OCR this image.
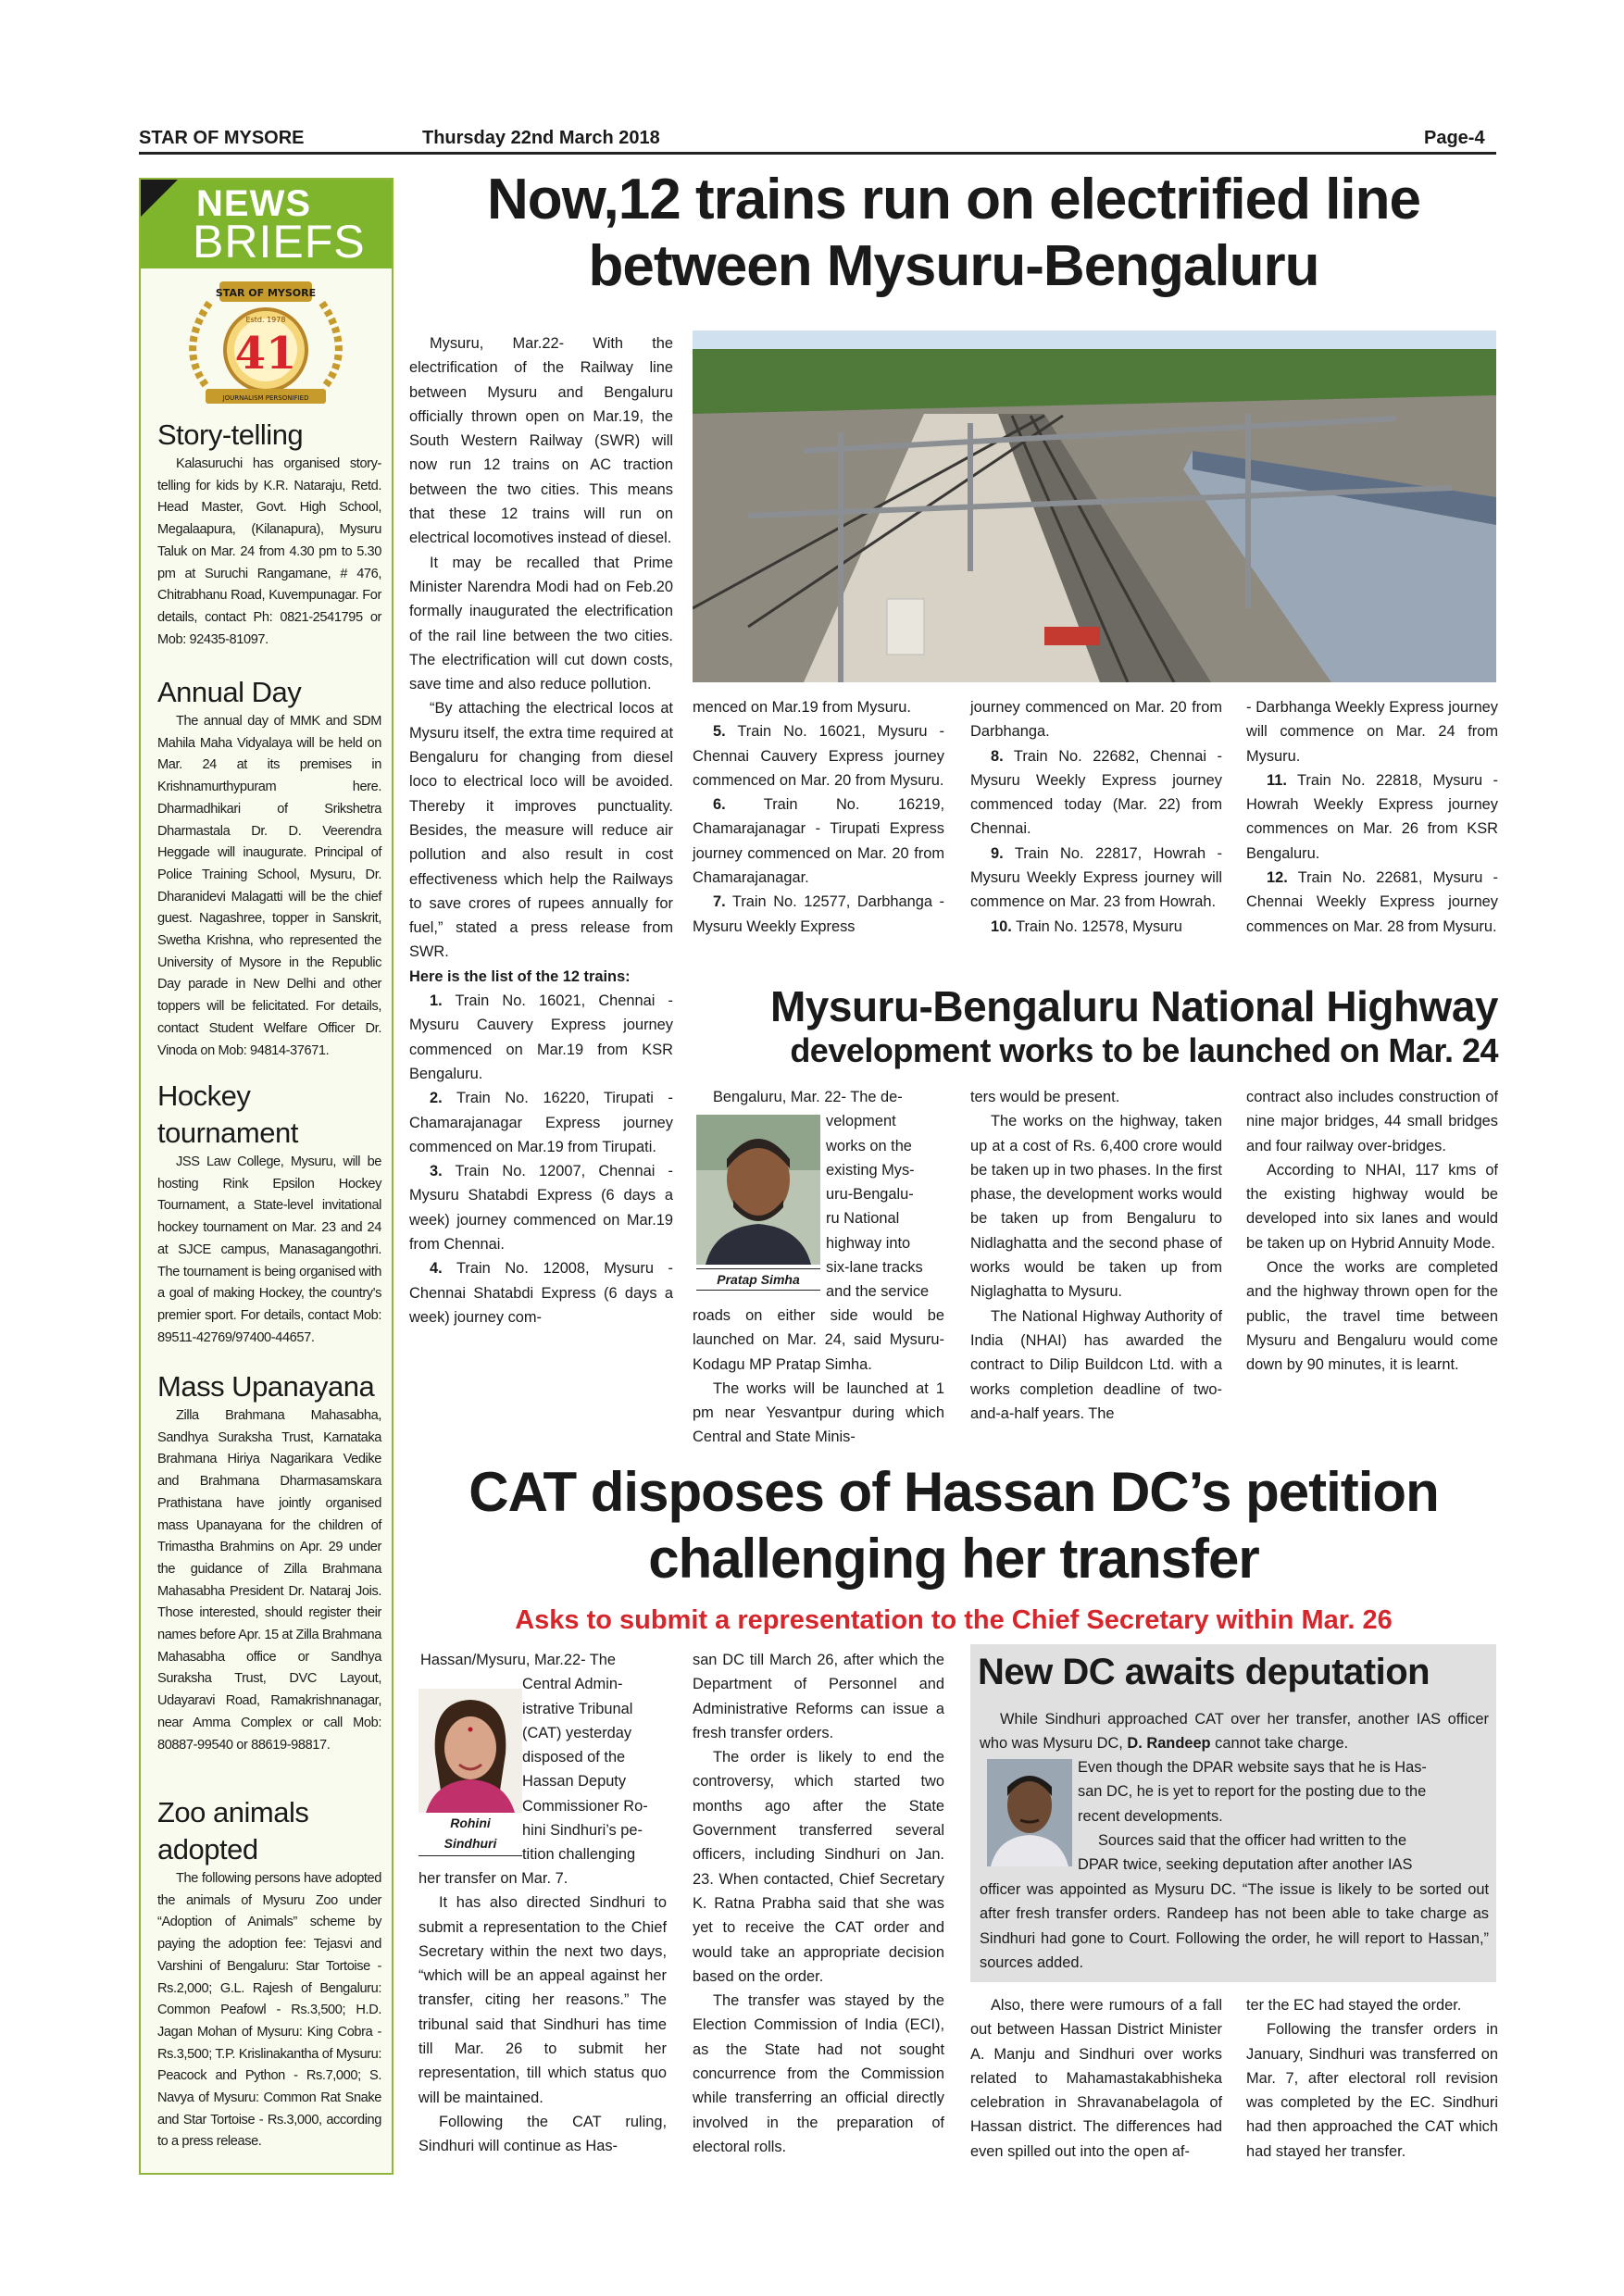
STAR OF MYSORE	Thursday 22nd March 2018	Page-4
NEWS
BRIEFS
STAR OF MYSORE
Estd. 1978
41
JOURNALISM PERSONIFIED
Story-telling

Kalasuruchi has organised story-telling for kids by K.R. Nataraju, Retd. Head Master, Govt. High School, Megalaapura, (Kilanapura), Mysuru Taluk on Mar. 24 from 4.30 pm to 5.30 pm at Suruchi Rangamane, # 476, Chitrabhanu Road, Kuvempunagar. For details, contact Ph: 0821-2541795 or Mob: 92435-81097.

Annual Day

The annual day of MMK and SDM Mahila Maha Vidyalaya will be held on Mar. 24 at its premises in Krishnamurthypuram here. Dharmadhikari of Srikshetra Dharmastala Dr. D. Veerendra Heggade will inaugurate. Principal of Police Training School, Mysuru, Dr. Dharanidevi Malagatti will be the chief guest. Nagashree, topper in Sanskrit, Swetha Krishna, who represented the University of Mysore in the Republic Day parade in New Delhi and other toppers will be felicitated. For details, contact Student Welfare Officer Dr. Vinoda on Mob: 94814-37671.

Hockey tournament

JSS Law College, Mysuru, will be hosting Rink Epsilon Hockey Tournament, a State-level invitational hockey tournament on Mar. 23 and 24 at SJCE campus, Manasagangothri. The tournament is being organised with a goal of making Hockey, the country's premier sport. For details, contact Mob: 89511-42769/97400-44657.

Mass Upanayana

Zilla Brahmana Mahasabha, Sandhya Suraksha Trust, Karnataka Brahmana Hiriya Nagarikara Vedike and Brahmana Dharmasamskara Prathistana have jointly organised mass Upanayana for the children of Trimastha Brahmins on Apr. 29 under the guidance of Zilla Brahmana Mahasabha President Dr. Nataraj Jois. Those interested, should register their names before Apr. 15 at Zilla Brahmana Mahasabha office or Sandhya Suraksha Trust, DVC Layout, Udayaravi Road, Ramakrishnanagar, near Amma Complex or call Mob: 80887-99540 or 88619-98817.

Zoo animals adopted

The following persons have adopted the animals of Mysuru Zoo under “Adoption of Animals” scheme by paying the adoption fee: Tejasvi and Varshini of Bengaluru: Star Tortoise - Rs.2,000; G.L. Rajesh of Bengaluru: Common Peafowl - Rs.3,500; H.D. Jagan Mohan of Mysuru: King Cobra - Rs.3,500; T.P. Krislinakantha of Mysuru: Peacock and Python - Rs.7,000; S. Navya of Mysuru: Common Rat Snake and Star Tortoise - Rs.3,000, according to a press release.

Now,12 trains run on electrified line
between Mysuru-Bengaluru

Mysuru, Mar.22- With the electrification of the Railway line between Mysuru and Bengaluru officially thrown open on Mar.19, the South Western Railway (SWR) will now run 12 trains on AC traction between the two cities. This means that these 12 trains will run on electrical locomotives instead of diesel.

It may be recalled that Prime Minister Narendra Modi had on Feb.20 formally inaugurated the electrification of the rail line between the two cities. The electrification will cut down costs, save time and also reduce pollution.

“By attaching the electrical locos at Mysuru itself, the extra time required at Bengaluru for changing from diesel loco to electrical loco will be avoided. Thereby it improves punctuality. Besides, the measure will reduce air pollution and also result in cost effectiveness which help the Railways to save crores of rupees annually for fuel,” stated a press release from SWR.

Here is the list of the 12 trains:

1. Train No. 16021, Chennai - Mysuru Cauvery Express journey commenced on Mar.19 from KSR Bengaluru.

2. Train No. 16220, Tirupati - Chamarajanagar Express journey commenced on Mar.19 from Tirupati.

3. Train No. 12007, Chennai - Mysuru Shatabdi Express (6 days a week) journey commenced on Mar.19 from Chennai.

4. Train No. 12008, Mysuru - Chennai Shatabdi Express (6 days a week) journey com-

menced on Mar.19 from Mysuru.

5. Train No. 16021, Mysuru - Chennai Cauvery Express journey commenced on Mar. 20 from Mysuru.

6.	Train No. 16219, Chamarajanagar - Tirupati Express journey commenced on Mar. 20 from Chamarajanagar.

7. Train No. 12577, Darbhanga - Mysuru Weekly Express

journey commenced on Mar. 20 from Darbhanga.

8. Train No. 22682, Chennai - Mysuru Weekly Express journey commenced today (Mar. 22) from Chennai.

9. Train No. 22817, Howrah - Mysuru Weekly Express journey will commence on Mar. 23 from Howrah.

10. Train No. 12578, Mysuru

- Darbhanga Weekly Express journey will commence on Mar. 24 from Mysuru.

11. Train No. 22818, Mysuru - Howrah Weekly Express journey commences on Mar. 26 from KSR Bengaluru.

12. Train No. 22681, Mysuru - Chennai Weekly Express journey commences on Mar. 28 from Mysuru.

Mysuru-Bengaluru National Highway
development works to be launched on Mar. 24
Pratap Simha
Bengaluru, Mar. 22- The de-
velopment
works on the
existing Mys-
uru-Bengalu-
ru National
highway into
six-lane tracks
and the service

roads on either side would be launched on Mar. 24, said Mysuru-Kodagu MP Pratap Simha.

The works will be launched at 1 pm near Yesvantpur during which Central and State Minis-

ters would be present.

The works on the highway, taken up at a cost of Rs. 6,400 crore would be taken up in two phases. In the first phase, the development works would be taken up from Bengaluru to Nidlaghatta and the second phase of works would be taken up from Niglaghatta to Mysuru.

The National Highway Authority of India (NHAI) has awarded the contract to Dilip Buildcon Ltd. with a works completion deadline of two-and-a-half years. The

contract also includes construction of nine major bridges, 44 small bridges and four railway over-bridges.

According to NHAI, 117 kms of the existing highway would be developed into six lanes and would be taken up on Hybrid Annuity Mode.

Once the works are completed and the highway thrown open for the public, the travel time between Mysuru and Bengaluru would come down by 90 minutes, it is learnt.

CAT disposes of Hassan DC’s petition
challenging her transfer
Asks to submit a representation to the Chief Secretary within Mar. 26
Rohini
Sindhuri
Hassan/Mysuru, Mar.22- The
Central Admin-
istrative Tribunal
(CAT) yesterday
disposed of the
Hassan Deputy
Commissioner Ro-
hini Sindhuri’s pe-
tition challenging

her transfer on Mar. 7.

It has also directed Sindhuri to submit a representation to the Chief Secretary within the next two days, “which will be an appeal against her transfer, citing her reasons.” The tribunal said that Sindhuri has time till Mar. 26 to submit her representation, till which status quo will be maintained.

Following the CAT ruling, Sindhuri will continue as Has-

san DC till March 26, after which the Department of Personnel and Administrative Reforms can issue a fresh transfer orders.

The order is likely to end the controversy, which started two months ago after the State Government transferred several officers, including Sindhuri on Jan. 23. When contacted, Chief Secretary K. Ratna Prabha said that she was yet to receive the CAT order and would take an appropriate decision based on the order.

The transfer was stayed by the Election Commission of India (ECI), as the State had not sought concurrence from the Commission while transferring an official directly involved in the preparation of electoral rolls.

New DC awaits deputation

While Sindhuri approached CAT over her transfer, another IAS officer who was Mysuru DC, D. Randeep cannot take charge.

Even though the DPAR website says that he is Has-
san DC, he is yet to report for the posting due to the
recent developments.
Sources said that the officer had written to the
DPAR twice, seeking deputation after another IAS

officer was appointed as Mysuru DC. “The issue is likely to be sorted out after fresh transfer orders. Randeep has not been able to take charge as Sindhuri had gone to Court. Following the order, he will report to Hassan,” sources added.

Also, there were rumours of a fall out between Hassan District Minister A. Manju and Sindhuri over works related to Mahamastakabhisheka celebration in Shravanabelagola of Hassan district. The differences had even spilled out into the open af-

ter the EC had stayed the order.

Following the transfer orders in January, Sindhuri was transferred on Mar. 7, after electoral roll revision was completed by the EC. Sindhuri had then approached the CAT which had stayed her transfer.
